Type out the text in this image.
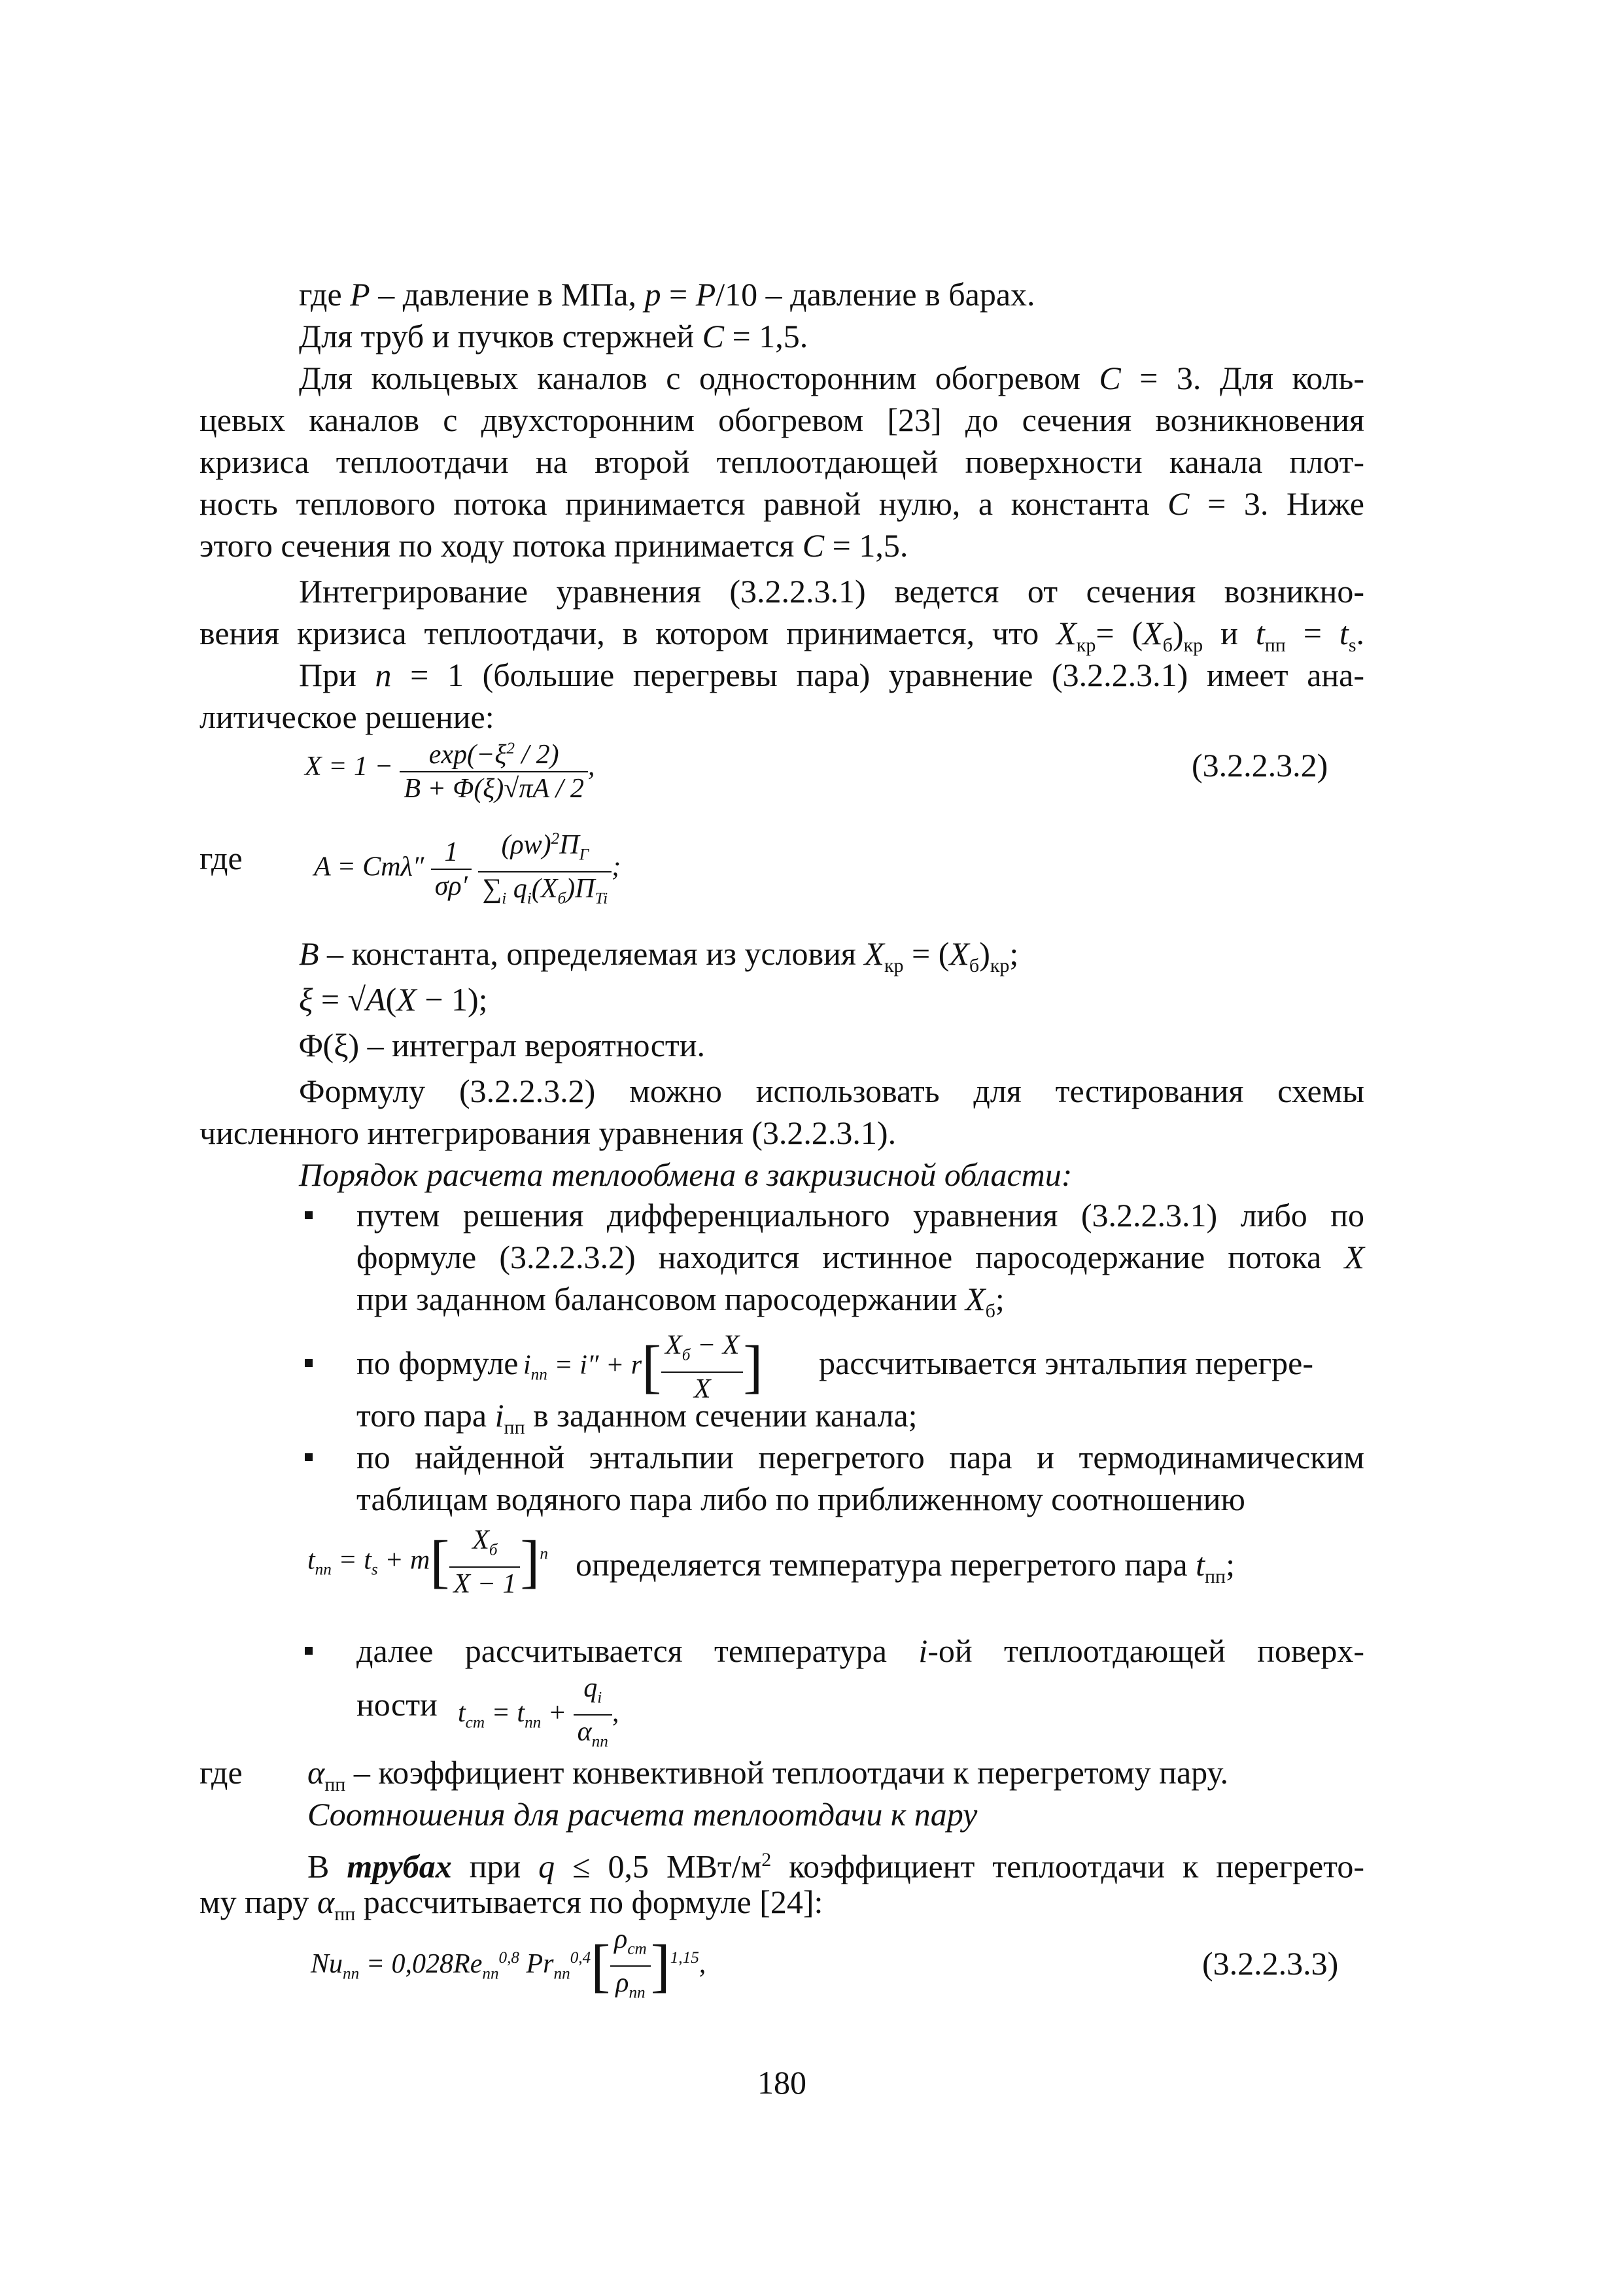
где P – давление в МПа, p = P/10 – давление в барах.
Для труб и пучков стержней C = 1,5.
Для кольцевых каналов с односторонним обогревом C = 3. Для коль-
цевых каналов с двухсторонним обогревом [23] до сечения возникновения
кризиса теплоотдачи на второй теплоотдающей поверхности канала плот-
ность теплового потока принимается равной нулю, а константа C = 3. Ниже
этого сечения по ходу потока принимается C = 1,5.
Интегрирование уравнения (3.2.2.3.1) ведется от сечения возникно-
вения кризиса теплоотдачи, в котором принимается, что $X_{кр}= (X_б)_{кр}$ и $t_{пп} = t_s$.
При n = 1 (большие перегревы пара) уравнение (3.2.2.3.1) имеет ана-
литическое решение:
$X = 1 - \frac{\exp(-\xi^2 / 2)}{B + \Phi(\xi)√\pi A / 2}$ ,	(3.2.2.3.2)
где	$A = Cm\lambda'' \frac{1}{\sigma\rho'}$
$\frac{(\rho w)^2\Pi_Г}{\sum_i q_i(X_б)\Pi_{Ti}}$ ;
B – константа, определяемая из условия $X_{кр} = (X_б)_{кр}$;
ξ = √A(X − 1);
Φ(ξ) – интеграл вероятности.
Формулу (3.2.2.3.2) можно использовать для тестирования схемы
численного интегрирования уравнения (3.2.2.3.1).
Порядок расчета теплообмена в закризисной области:
путем решения дифференциального уравнения (3.2.2.3.1) либо по
формуле (3.2.2.3.2) находится истинное паросодержание потока X
при заданном балансовом паросодержании $X_б$;
по формуле $i_{пп} = i'' + r[ \frac{X_б - X}{X}$ ] рассчитывается энтальпия перегре-
того пара $i_{пп}$ в заданном сечении канала;
по найденной энтальпии перегретого пара и термодинамическим
таблицам водяного пара либо по приближенному соотношению
$t_{пп} = t_s + m[ \frac{X_б}{X - 1} ]^n$ определяется температура перегретого пара $t_{пп}$;
далее рассчитывается температура i-ой теплоотдающей поверх-
ности $t_{ст} = t_{пп} + \frac{q_i}{\alpha_{пп}}$ ,
где $\alpha_{пп}$ – коэффициент конвективной теплоотдачи к перегретому пару.
Соотношения для расчета теплоотдачи к пару
В трубах при q ≤ 0,5 МВт/$м^2$ коэффициент теплоотдачи к перегрето-
му пару $\alpha_{пп}$ рассчитывается по формуле [24]:
$Nu_{пп} = 0,028Re_{пп}^{0,8}$ $Pr_{пп}^{0,4}[ \frac{\rho_{ст}}{\rho_{пп}} ]^{1,15}$,	(3.2.2.3.3)
180
